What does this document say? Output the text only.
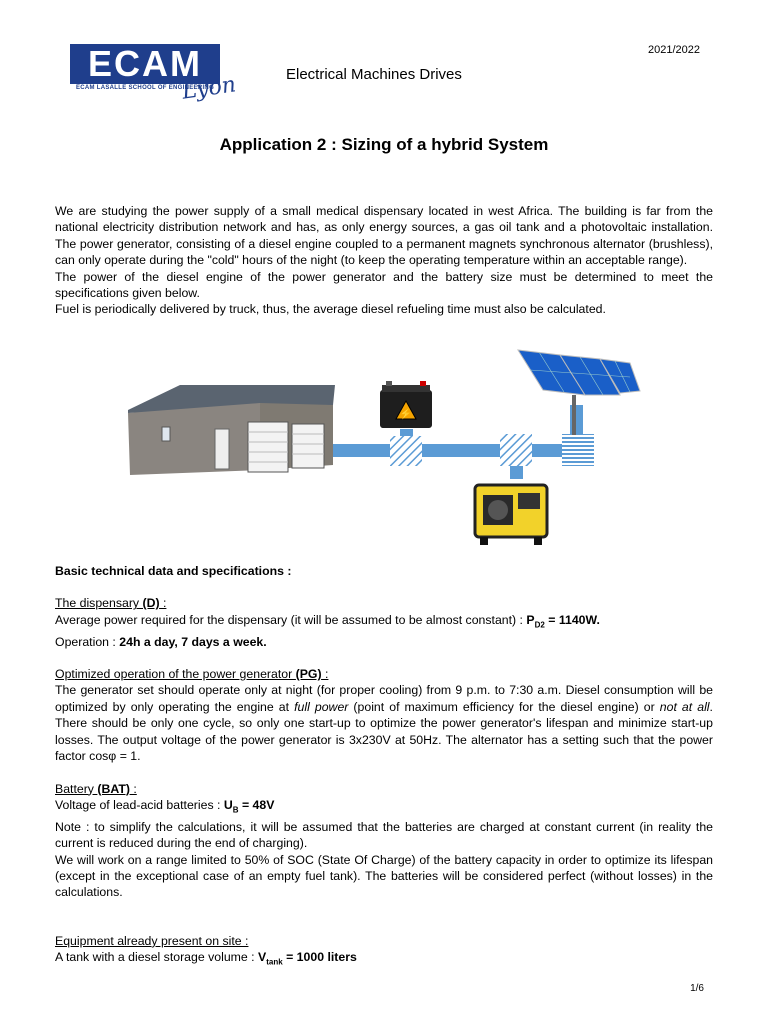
ECAM
ECAM LASALLE SCHOOL OF ENGINEERING
Lyon
2021/2022
Electrical Machines Drives
Application 2 : Sizing of a hybrid System

We are studying the power supply of a small medical dispensary located in west Africa. The building is far from the national electricity distribution network and has, as only energy sources, a gas oil tank and a photovoltaic installation. The power generator, consisting of a diesel engine coupled to a permanent magnets synchronous alternator (brushless), can only operate during the "cold" hours of the night (to keep the operating temperature within an acceptable range).

The power of the diesel engine of the power generator and the battery size must be determined to meet the specifications given below.

Fuel is periodically delivered by truck, thus, the average diesel refueling time must also be calculated.

⚡

Basic technical data and specifications :

The dispensary (D) :

Average power required for the dispensary (it will be assumed to be almost constant) : $P_{D2} = 1140W$.

Operation : 24h a day, 7 days a week.

Optimized operation of the power generator (PG) :

The generator set should operate only at night (for proper cooling) from 9 p.m. to 7:30 a.m. Diesel consumption will be optimized by only operating the engine at full power (point of maximum efficiency for the diesel engine) or not at all. There should be only one cycle, so only one start-up to optimize the power generator's lifespan and minimize start-up losses. The output voltage of the power generator is 3x230V at 50Hz. The alternator has a setting such that the power factor cosφ = 1.

Battery (BAT) :

Voltage of lead-acid batteries : $U_B = 48V$

Note : to simplify the calculations, it will be assumed that the batteries are charged at constant current (in reality the current is reduced during the end of charging).

We will work on a range limited to 50% of SOC (State Of Charge) of the battery capacity in order to optimize its lifespan (except in the exceptional case of an empty fuel tank). The batteries will be considered perfect (without losses) in the calculations.

Equipment already present on site :

A tank with a diesel storage volume : $V_{tank} = 1000$ liters

1/6
